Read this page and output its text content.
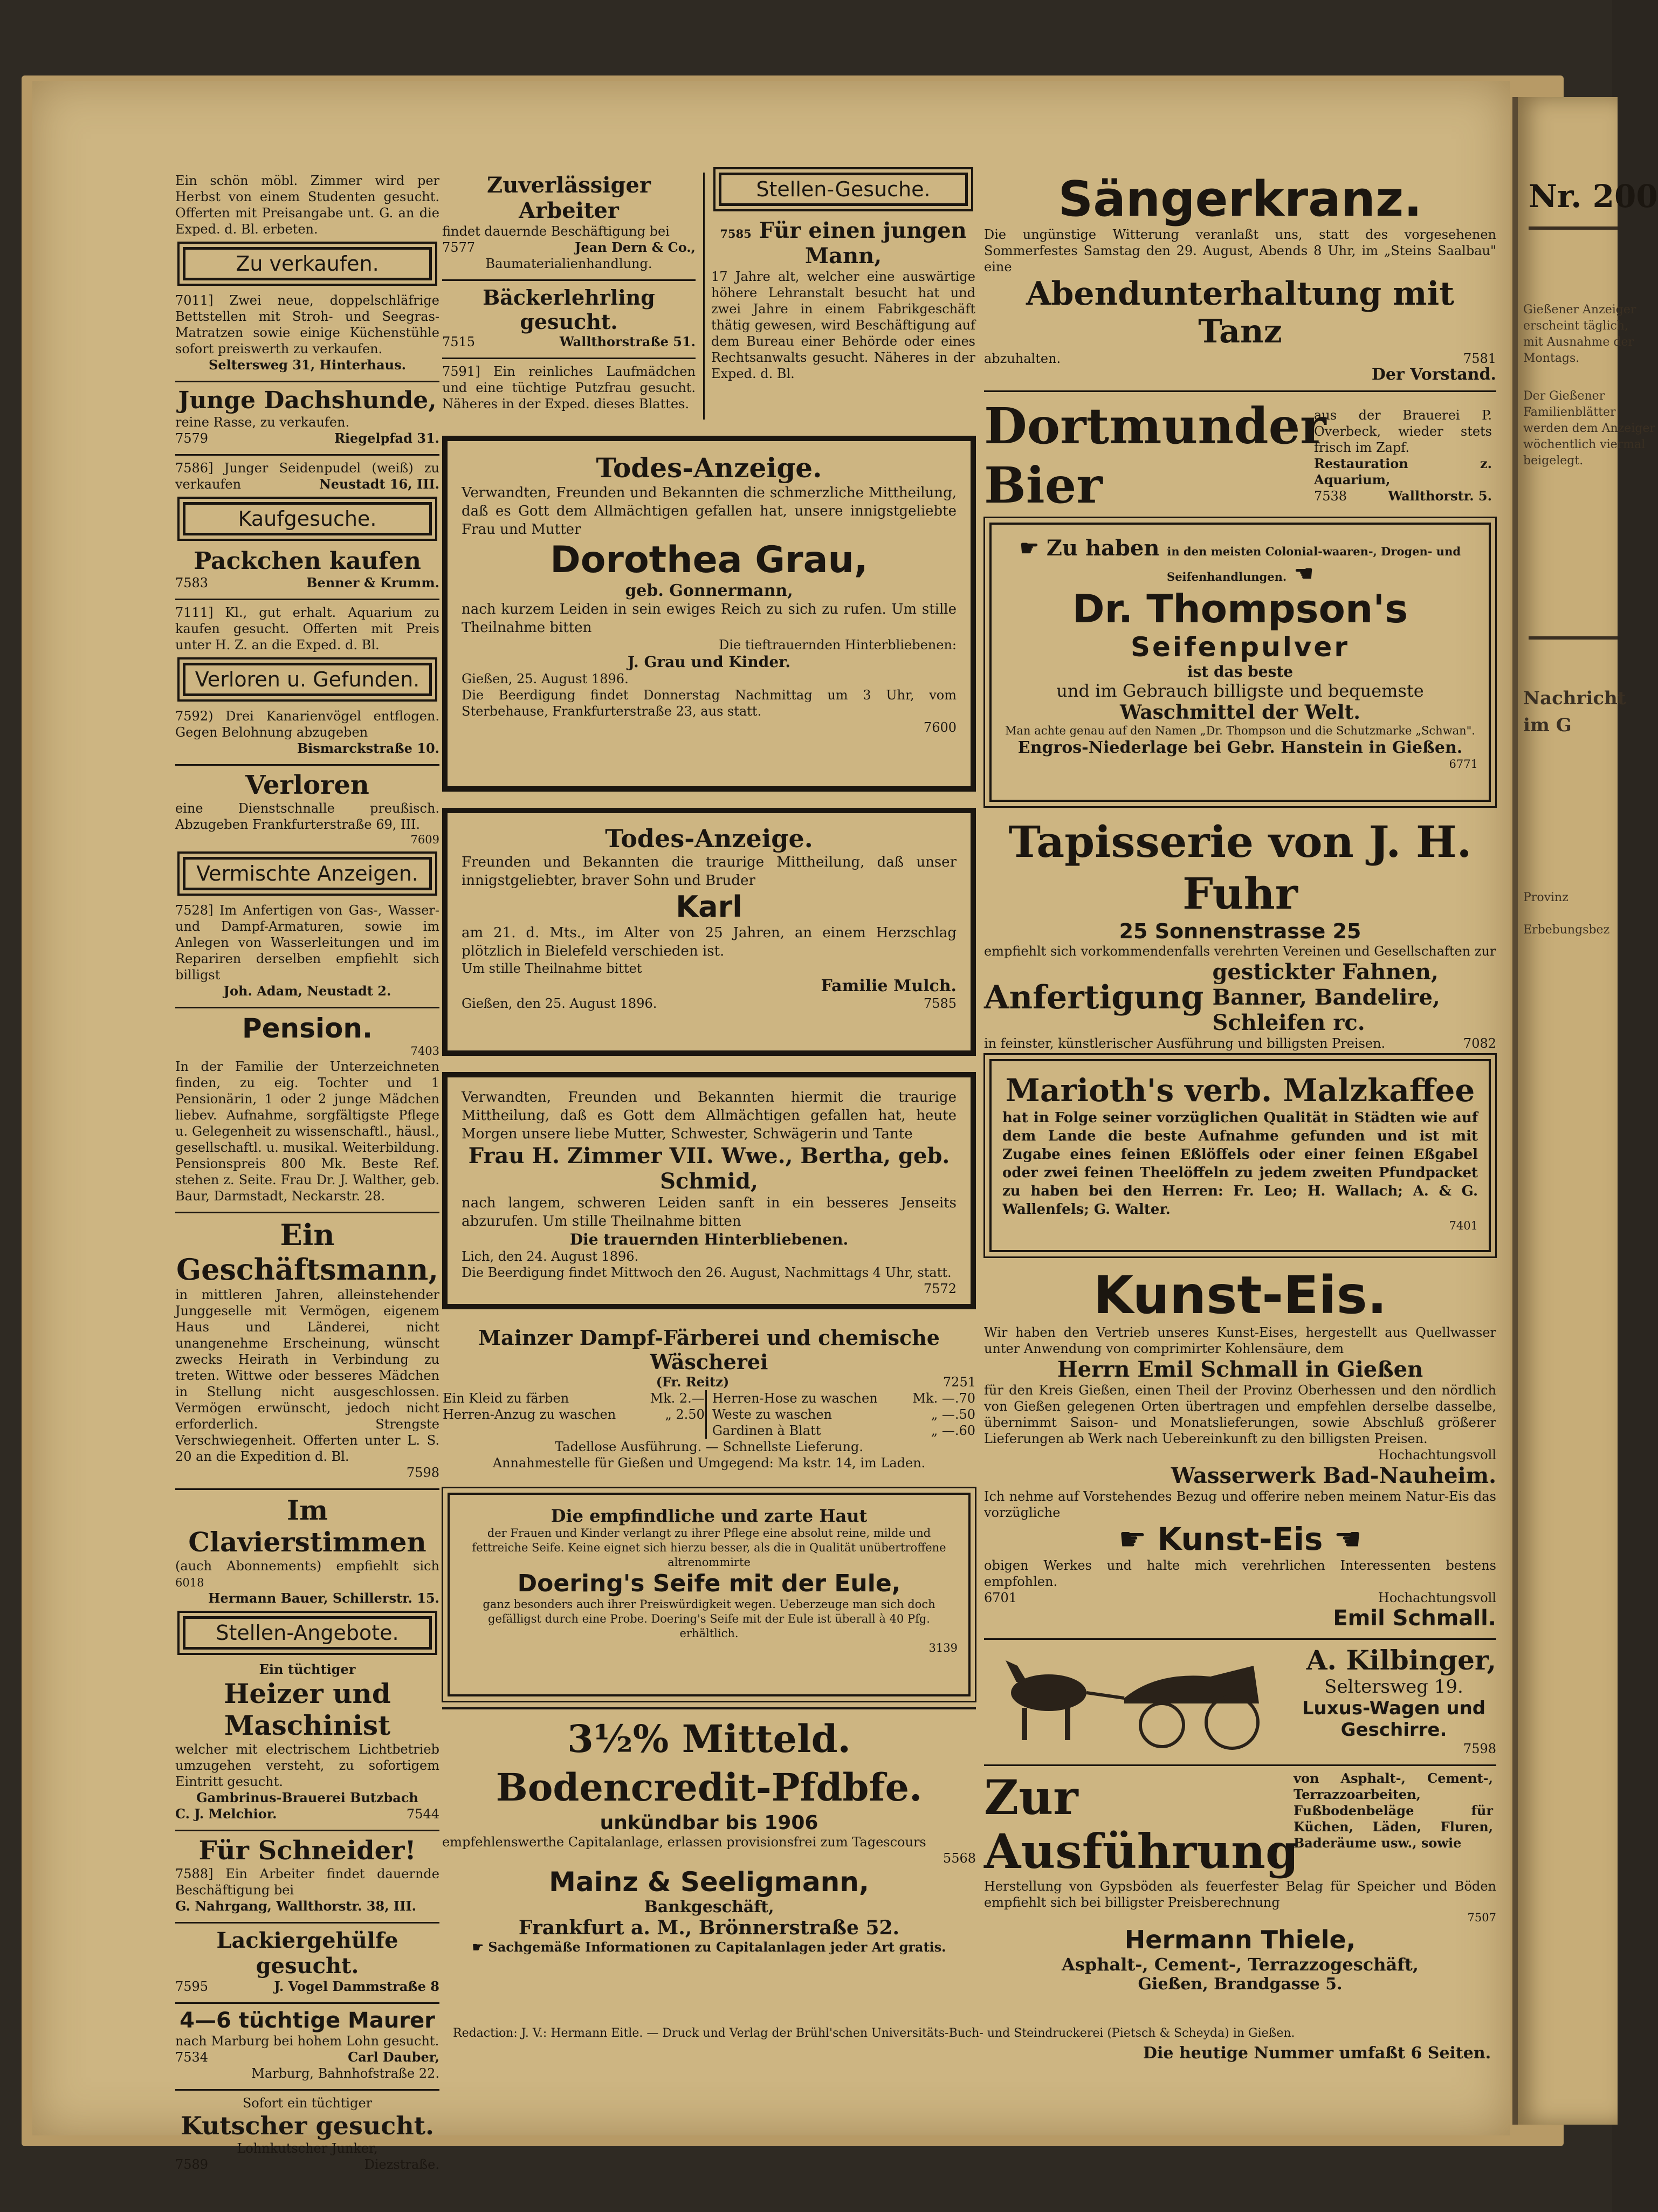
Nr. 200
Gießener Anzeiger
erscheint täglich,
mit Ausnahme der
Montags.
Der Gießener
Familienblätter
werden dem Anzeiger
wöchentlich viermal
beigelegt.
Nachricht
im G
Provinz
Erbebungsbez
Ein schön möbl. Zimmer wird per Herbst von einem Studenten gesucht. Offerten mit Preisangabe unt. G. an die Exped. d. Bl. erbeten.
Zu verkaufen.
7011] Zwei neue, doppelschläfrige Bettstellen mit Stroh- und Seegras-Matratzen sowie einige Küchenstühle sofort preiswerth zu verkaufen.
Seltersweg 31, Hinterhaus.
Junge Dachshunde,
reine Rasse, zu verkaufen.
7579	Riegelpfad 31.
7586] Junger Seidenpudel (weiß) zu verkaufen	Neustadt 16, III.
Kaufgesuche.
Packchen kaufen
7583	Benner & Krumm.
7111] Kl., gut erhalt. Aquarium zu kaufen gesucht. Offerten mit Preis unter H. Z. an die Exped. d. Bl.
Verloren u. Gefunden.
7592) Drei Kanarienvögel entflogen. Gegen Belohnung abzugeben
Bismarckstraße 10.
Verloren
eine Dienstschnalle preußisch. Abzugeben Frankfurterstraße 69, III.
7609
Vermischte Anzeigen.
7528] Im Anfertigen von Gas-, Wasser- und Dampf-Armaturen, sowie im Anlegen von Wasserleitungen und im Repariren derselben empfiehlt sich billigst
Joh. Adam, Neustadt 2.
Pension.
7403
In der Familie der Unterzeichneten finden, zu eig. Tochter und 1 Pensionärin, 1 oder 2 junge Mädchen liebev. Aufnahme, sorgfältigste Pflege u. Gelegenheit zu wissenschaftl., häusl., gesellschaftl. u. musikal. Weiterbildung. Pensionspreis 800 Mk. Beste Ref. stehen z. Seite. Frau Dr. J. Walther, geb. Baur, Darmstadt, Neckarstr. 28.
Ein Geschäftsmann,
in mittleren Jahren, alleinstehender Junggeselle mit Vermögen, eigenem Haus und Länderei, nicht unangenehme Erscheinung, wünscht zwecks Heirath in Verbindung zu treten. Wittwe oder besseres Mädchen in Stellung nicht ausgeschlossen. Vermögen erwünscht, jedoch nicht erforderlich. Strengste Verschwiegenheit. Offerten unter L. S. 20 an die Expedition d. Bl.
7598
Im Clavierstimmen
(auch Abonnements) empfiehlt sich 6018
Hermann Bauer, Schillerstr. 15.
Stellen-Angebote.
Ein tüchtiger
Heizer und Maschinist
welcher mit electrischem Lichtbetrieb umzugehen versteht, zu sofortigem Eintritt gesucht.
Gambrinus-Brauerei Butzbach
C. J. Melchior.	7544
Für Schneider!
7588] Ein Arbeiter findet dauernde Beschäftigung bei
G. Nahrgang, Wallthorstr. 38, III.
Lackiergehülfe gesucht.
7595	J. Vogel Dammstraße 8
4—6 tüchtige Maurer
nach Marburg bei hohem Lohn gesucht.
7534	Carl Dauber,
Marburg, Bahnhofstraße 22.
Sofort ein tüchtiger
Kutscher gesucht.
Lohnkutscher Junker,
7589	Diezstraße.
Zuverlässiger Arbeiter
findet dauernde Beschäftigung bei
7577	Jean Dern & Co.,
Baumaterialienhandlung.
Bäckerlehrling gesucht.
7515	Wallthorstraße 51.
7591] Ein reinliches Laufmädchen und eine tüchtige Putzfrau gesucht. Näheres in der Exped. dieses Blattes.
Stellen-Gesuche.
7585 Für einen jungen Mann,
17 Jahre alt, welcher eine auswärtige höhere Lehranstalt besucht hat und zwei Jahre in einem Fabrikgeschäft thätig gewesen, wird Beschäftigung auf dem Bureau einer Behörde oder eines Rechtsanwalts gesucht. Näheres in der Exped. d. Bl.
Todes-Anzeige.
Verwandten, Freunden und Bekannten die schmerzliche Mittheilung, daß es Gott dem Allmächtigen gefallen hat, unsere innigstgeliebte Frau und Mutter
Dorothea Grau,
geb. Gonnermann,
nach kurzem Leiden in sein ewiges Reich zu sich zu rufen. Um stille Theilnahme bitten
Die tieftrauernden Hinterbliebenen:
J. Grau und Kinder.
Gießen, 25. August 1896.
Die Beerdigung findet Donnerstag Nachmittag um 3 Uhr, vom Sterbehause, Frankfurterstraße 23, aus statt.
7600
Todes-Anzeige.
Freunden und Bekannten die traurige Mittheilung, daß unser innigstgeliebter, braver Sohn und Bruder
Karl
am 21. d. Mts., im Alter von 25 Jahren, an einem Herzschlag plötzlich in Bielefeld verschieden ist.
Um stille Theilnahme bittet
Familie Mulch.
Gießen, den 25. August 1896.	7585
Verwandten, Freunden und Bekannten hiermit die traurige Mittheilung, daß es Gott dem Allmächtigen gefallen hat, heute Morgen unsere liebe Mutter, Schwester, Schwägerin und Tante
Frau H. Zimmer VII. Wwe., Bertha, geb. Schmid,
nach langem, schweren Leiden sanft in ein besseres Jenseits abzurufen. Um stille Theilnahme bitten
Die trauernden Hinterbliebenen.
Lich, den 24. August 1896.
Die Beerdigung findet Mittwoch den 26. August, Nachmittags 4 Uhr, statt.
7572
Mainzer Dampf-Färberei und chemische Wäscherei
(Fr. Reitz)	7251
Ein Kleid zu färben	Mk. 2.—	Herren-Hose zu waschen	Mk. —.70
Herren-Anzug zu waschen	„ 2.50	Weste zu waschen	„ —.50
		Gardinen à Blatt	„ —.60
Tadellose Ausführung. — Schnellste Lieferung.
Annahmestelle für Gießen und Umgegend: Ma kstr. 14, im Laden.
Die empfindliche und zarte Haut
der Frauen und Kinder verlangt zu ihrer Pflege eine absolut reine, milde und fettreiche Seife. Keine eignet sich hierzu besser, als die in Qualität unübertroffene altrenommirte
Doering's Seife mit der Eule,
ganz besonders auch ihrer Preiswürdigkeit wegen. Ueberzeuge man sich doch gefälligst durch eine Probe. Doering's Seife mit der Eule ist überall à 40 Pfg. erhältlich.
3139
3½% Mitteld. Bodencredit-Pfdbfe.
unkündbar bis 1906
empfehlenswerthe Capitalanlage, erlassen provisionsfrei zum Tagescours
5568
Mainz & Seeligmann,
Bankgeschäft,
Frankfurt a. M., Brönnerstraße 52.
☛ Sachgemäße Informationen zu Capitalanlagen jeder Art gratis.
Sängerkranz.
Die ungünstige Witterung veranlaßt uns, statt des vorgesehenen Sommerfestes Samstag den 29. August, Abends 8 Uhr, im „Steins Saalbau" eine
Abendunterhaltung mit Tanz
abzuhalten.	7581
Der Vorstand.
Dortmunder Bier
aus der Brauerei P. Overbeck, wieder stets frisch im Zapf.
Restauration z. Aquarium,
7538	Wallthorstr. 5.
☛ Zu haben in den meisten Colonial-waaren-, Drogen- und Seifenhandlungen. ☚
Dr. Thompson's
Seifenpulver
ist das beste
und im Gebrauch billigste und bequemste
Waschmittel der Welt.
Man achte genau auf den Namen „Dr. Thompson und die Schutzmarke „Schwan".
Engros-Niederlage bei Gebr. Hanstein in Gießen.
6771
Tapisserie von J. H. Fuhr
25 Sonnenstrasse 25
empfiehlt sich vorkommendenfalls verehrten Vereinen und Gesellschaften zur
Anfertigung
gestickter Fahnen, Banner, Bandelire, Schleifen rc.
in feinster, künstlerischer Ausführung und billigsten Preisen.	7082
Marioth's verb. Malzkaffee
hat in Folge seiner vorzüglichen Qualität in Städten wie auf dem Lande die beste Aufnahme gefunden und ist mit Zugabe eines feinen Eßlöffels oder einer feinen Eßgabel oder zwei feinen Theelöffeln zu jedem zweiten Pfundpacket zu haben bei den Herren: Fr. Leo; H. Wallach; A. & G. Wallenfels; G. Walter.
7401
Kunst-Eis.
Wir haben den Vertrieb unseres Kunst-Eises, hergestellt aus Quellwasser unter Anwendung von comprimirter Kohlensäure, dem
Herrn Emil Schmall in Gießen
für den Kreis Gießen, einen Theil der Provinz Oberhessen und den nördlich von Gießen gelegenen Orten übertragen und empfehlen derselbe dasselbe, übernimmt Saison- und Monatslieferungen, sowie Abschluß größerer Lieferungen ab Werk nach Uebereinkunft zu den billigsten Preisen.
Hochachtungsvoll
Wasserwerk Bad-Nauheim.
Ich nehme auf Vorstehendes Bezug und offerire neben meinem Natur-Eis das vorzügliche
☛ Kunst-Eis ☚
obigen Werkes und halte mich verehrlichen Interessenten bestens empfohlen.
6701	Hochachtungsvoll
Emil Schmall.
A. Kilbinger,
Seltersweg 19.
Luxus-Wagen und Geschirre.
7598
Zur Ausführung
von Asphalt-, Cement-, Terrazzoarbeiten, Fußbodenbeläge für Küchen, Läden, Fluren, Baderäume usw., sowie
Herstellung von Gypsböden als feuerfester Belag für Speicher und Böden empfiehlt sich bei billigster Preisberechnung
7507
Hermann Thiele,
Asphalt-, Cement-, Terrazzogeschäft,
Gießen, Brandgasse 5.
Redaction: J. V.: Hermann Eitle. — Druck und Verlag der Brühl'schen Universitäts-Buch- und Steindruckerei (Pietsch & Scheyda) in Gießen.
Die heutige Nummer umfaßt 6 Seiten.
